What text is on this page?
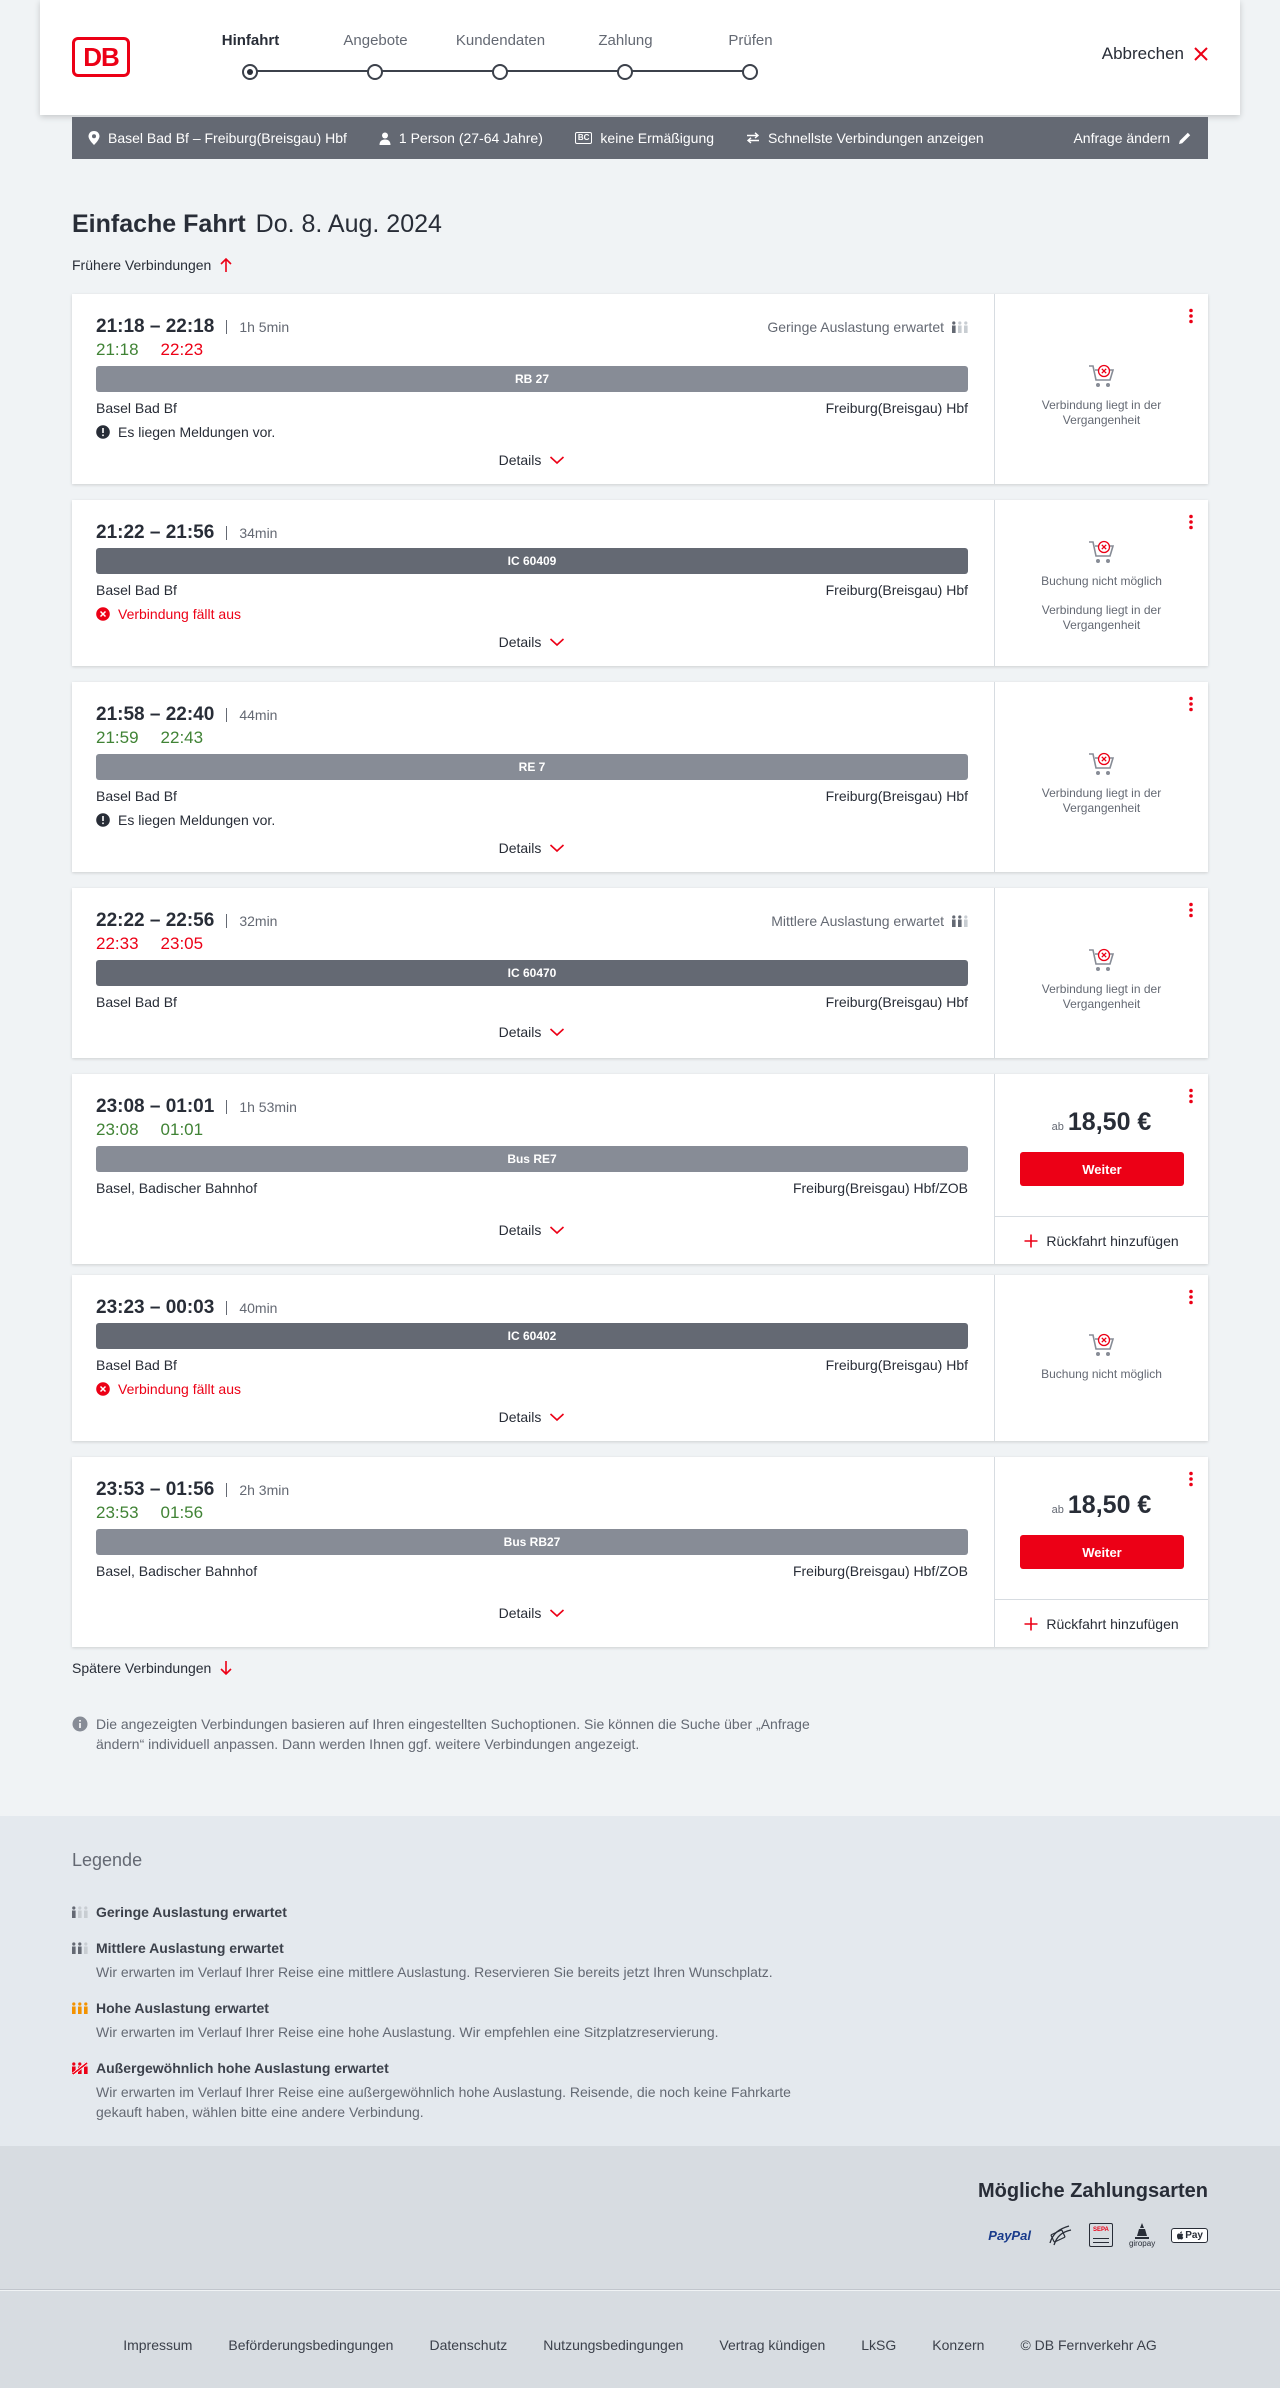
DB
Hinfahrt	Angebote	Kundendaten	Zahlung	Prüfen
Abbrechen
Basel Bad Bf – Freiburg(Breisgau) Hbf	1 Person (27-64 Jahre)	BC keine Ermäßigung	Schnellste Verbindungen anzeigen	Anfrage ändern
Einfache Fahrt Do. 8. Aug. 2024
Frühere Verbindungen
21:18 – 22:18 1h 5min	Geringe Auslastung erwartet
21:18 22:23
RB 27
Basel Bad Bf	Freiburg(Breisgau) Hbf
Es liegen Meldungen vor.
Details
Verbindung liegt in der Vergangenheit
21:22 – 21:56 34min
IC 60409
Basel Bad Bf	Freiburg(Breisgau) Hbf
Verbindung fällt aus
Details
Buchung nicht möglich
Verbindung liegt in der Vergangenheit
21:58 – 22:40 44min
21:59 22:43
RE 7
Basel Bad Bf	Freiburg(Breisgau) Hbf
Es liegen Meldungen vor.
Details
Verbindung liegt in der Vergangenheit
22:22 – 22:56 32min	Mittlere Auslastung erwartet
22:33 23:05
IC 60470
Basel Bad Bf	Freiburg(Breisgau) Hbf
Details
Verbindung liegt in der Vergangenheit
23:08 – 01:01 1h 53min
23:08 01:01
Bus RE7
Basel, Badischer Bahnhof	Freiburg(Breisgau) Hbf/ZOB
Details
ab 18,50 €
Weiter
Rückfahrt hinzufügen
23:23 – 00:03 40min
IC 60402
Basel Bad Bf	Freiburg(Breisgau) Hbf
Verbindung fällt aus
Details
Buchung nicht möglich
23:53 – 01:56 2h 3min
23:53 01:56
Bus RB27
Basel, Badischer Bahnhof	Freiburg(Breisgau) Hbf/ZOB
Details
ab 18,50 €
Weiter
Rückfahrt hinzufügen
Spätere Verbindungen
Die angezeigten Verbindungen basieren auf Ihren eingestellten Suchoptionen. Sie können die Suche über „Anfrage
ändern“ individuell anpassen. Dann werden Ihnen ggf. weitere Verbindungen angezeigt.
Legende
Geringe Auslastung erwartet
Mittlere Auslastung erwartet
Wir erwarten im Verlauf Ihrer Reise eine mittlere Auslastung. Reservieren Sie bereits jetzt Ihren Wunschplatz.
Hohe Auslastung erwartet
Wir erwarten im Verlauf Ihrer Reise eine hohe Auslastung. Wir empfehlen eine Sitzplatzreservierung.
Außergewöhnlich hohe Auslastung erwartet
Wir erwarten im Verlauf Ihrer Reise eine außergewöhnlich hohe Auslastung. Reisende, die noch keine Fahrkarte gekauft haben, wählen bitte eine andere Verbindung.
Mögliche Zahlungsarten
PayPal	SEPA
giropay
Pay
Impressum	Beförderungsbedingungen	Datenschutz	Nutzungsbedingungen	Vertrag kündigen	LkSG	Konzern	© DB Fernverkehr AG
